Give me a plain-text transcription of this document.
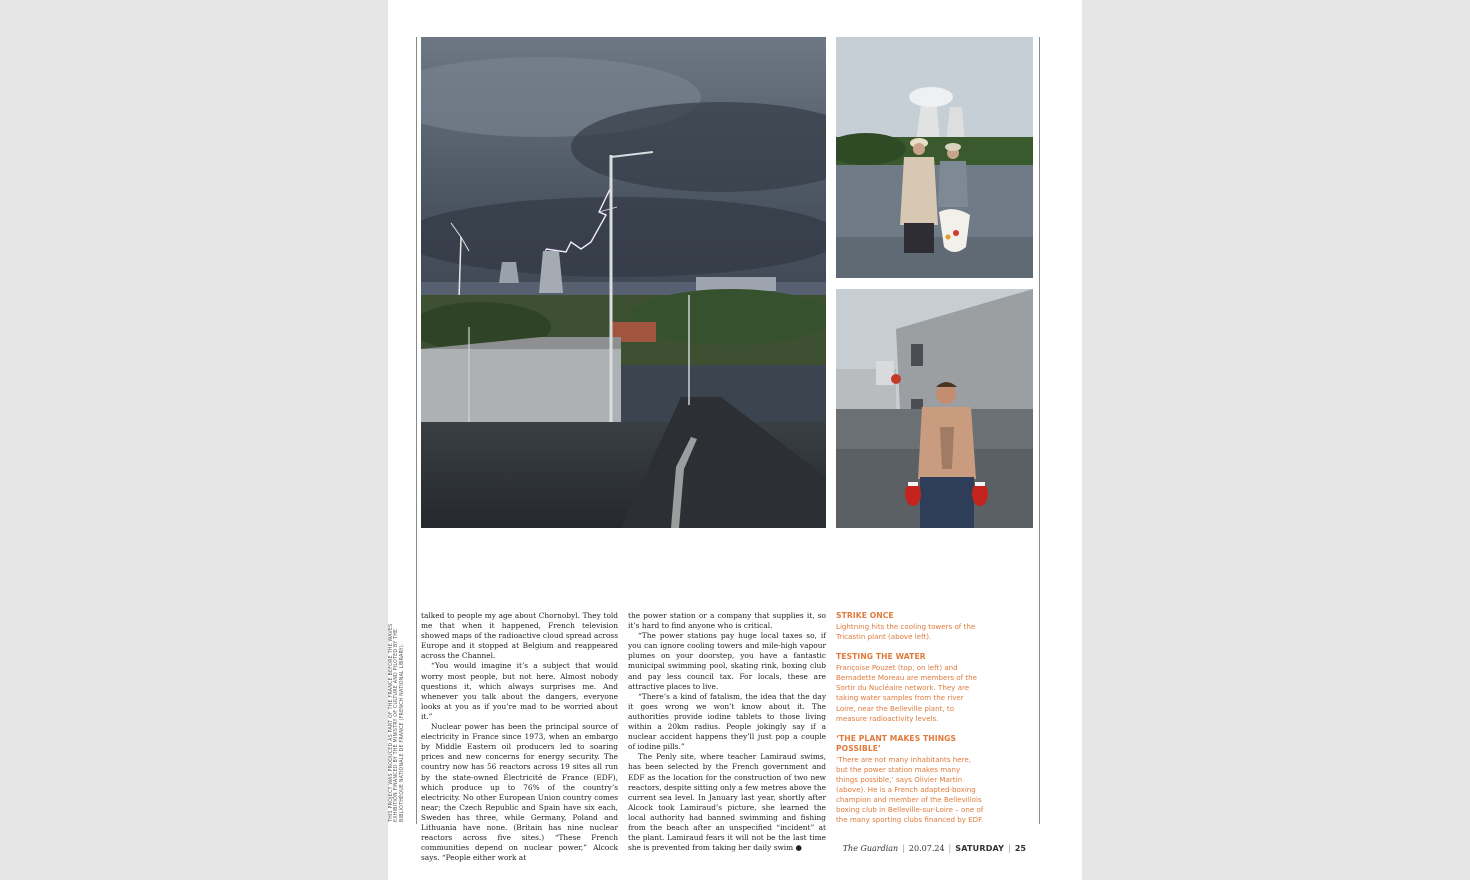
THIS PROJECT WAS PRODUCED AS PART OF THE FRANCE BEFORE THE WAVES EXHIBITION FINANCED BY THE MINISTRY OF CULTURE AND PILOTED BY THE BIBLIOTHÈQUE NATIONALE DE FRANCE (FRENCH NATIONAL LIBRARY).

talked to people my age about Chornobyl. They told me that when it happened, French television showed maps of the radioactive cloud spread across Europe and it stopped at Belgium and reappeared across the Channel.

“You would imagine it’s a subject that would worry most people, but not here. Almost nobody questions it, which always surprises me. And whenever you talk about the dangers, everyone looks at you as if you’re mad to be worried about it.”

Nuclear power has been the principal source of electricity in France since 1973, when an embargo by Middle Eastern oil producers led to soaring prices and new concerns for energy security. The country now has 56 reactors across 19 sites all run by the state-owned Électricité de France (EDF), which produce up to 76% of the country’s electricity. No other European Union country comes near; the Czech Republic and Spain have six each, Sweden has three, while Germany, Poland and Lithuania have none. (Britain has nine nuclear reactors across five sites.) “These French communities depend on nuclear power,” Alcock says. “People either work at

the power station or a company that supplies it, so it’s hard to find anyone who is critical.

“The power stations pay huge local taxes so, if you can ignore cooling towers and mile-high vapour plumes on your doorstep, you have a fantastic municipal swimming pool, skating rink, boxing club and pay less council tax. For locals, these are attractive places to live.

“There’s a kind of fatalism, the idea that the day it goes wrong we won’t know about it. The authorities provide iodine tablets to those living within a 20km radius. People jokingly say if a nuclear accident happens they’ll just pop a couple of iodine pills.”

The Penly site, where teacher Lamiraud swims, has been selected by the French government and EDF as the location for the construction of two new reactors, despite sitting only a few metres above the current sea level. In January last year, shortly after Alcock took Lamiraud’s picture, she learned the local authority had banned swimming and fishing from the beach after an unspecified “incident” at the plant. Lamiraud fears it will not be the last time she is prevented from taking her daily swim ●

STRIKE ONCE
Lightning hits the cooling towers of the Tricastin plant (above left).
TESTING THE WATER
Françoise Pouzet (top, on left) and Bernadette Moreau are members of the Sortir du Nucléaire network. They are taking water samples from the river Loire, near the Belleville plant, to measure radioactivity levels.
‘THE PLANT MAKES THINGS POSSIBLE’
‘There are not many inhabitants here, but the power station makes many things possible,’ says Olivier Martin (above). He is a French adapted-boxing champion and member of the Bellevillois boxing club in Belleville-sur-Loire – one of the many sporting clubs financed by EDF.
The Guardian | 20.07.24 | SATURDAY | 25
